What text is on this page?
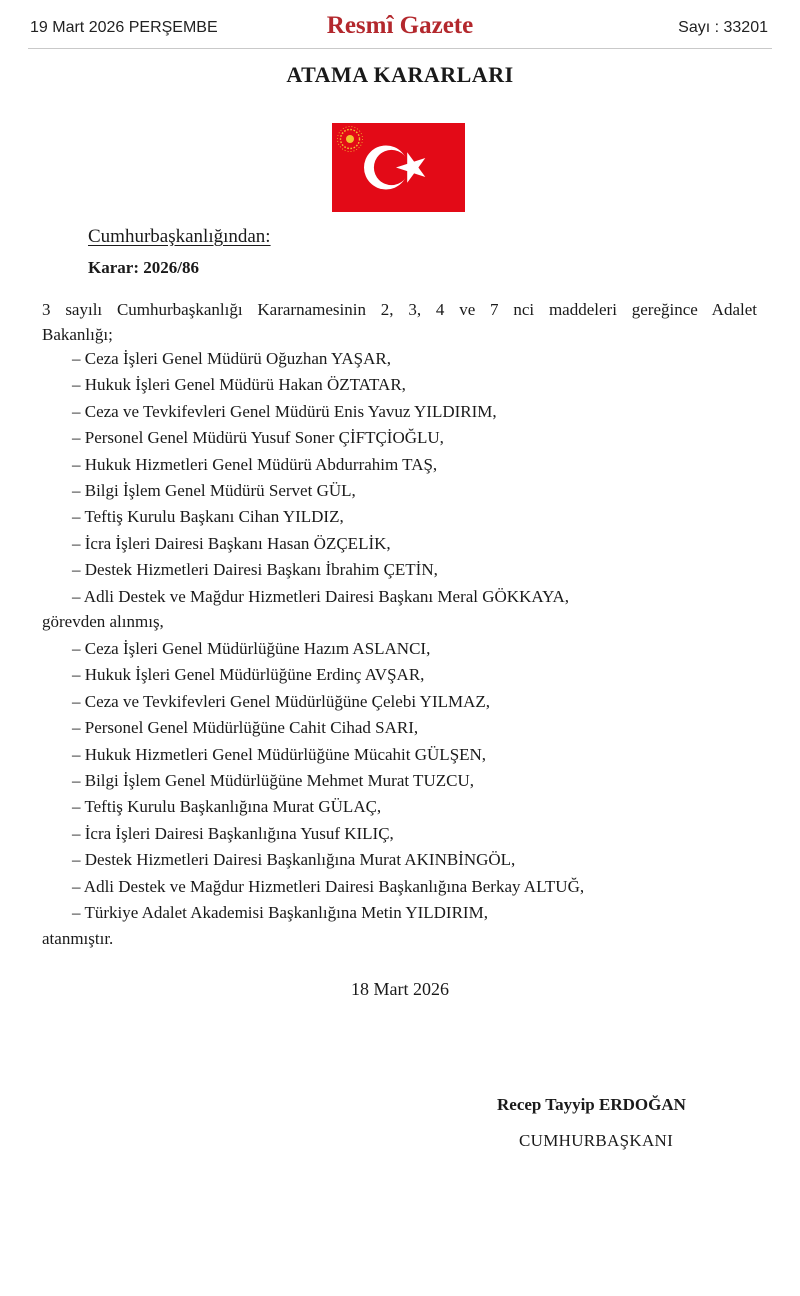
19 Mart 2026 PERŞEMBE	Resmî Gazete	Sayı : 33201
ATAMA KARARLARI
Cumhurbaşkanlığından:
Karar: 2026/86
3 sayılı Cumhurbaşkanlığı Kararnamesinin 2, 3, 4 ve 7 nci maddeleri gereğince Adalet
Bakanlığı;
– Ceza İşleri Genel Müdürü Oğuzhan YAŞAR,
– Hukuk İşleri Genel Müdürü Hakan ÖZTATAR,
– Ceza ve Tevkifevleri Genel Müdürü Enis Yavuz YILDIRIM,
– Personel Genel Müdürü Yusuf Soner ÇİFTÇİOĞLU,
– Hukuk Hizmetleri Genel Müdürü Abdurrahim TAŞ,
– Bilgi İşlem Genel Müdürü Servet GÜL,
– Teftiş Kurulu Başkanı Cihan YILDIZ,
– İcra İşleri Dairesi Başkanı Hasan ÖZÇELİK,
– Destek Hizmetleri Dairesi Başkanı İbrahim ÇETİN,
– Adli Destek ve Mağdur Hizmetleri Dairesi Başkanı Meral GÖKKAYA,
görevden alınmış,
– Ceza İşleri Genel Müdürlüğüne Hazım ASLANCI,
– Hukuk İşleri Genel Müdürlüğüne Erdinç AVŞAR,
– Ceza ve Tevkifevleri Genel Müdürlüğüne Çelebi YILMAZ,
– Personel Genel Müdürlüğüne Cahit Cihad SARI,
– Hukuk Hizmetleri Genel Müdürlüğüne Mücahit GÜLŞEN,
– Bilgi İşlem Genel Müdürlüğüne Mehmet Murat TUZCU,
– Teftiş Kurulu Başkanlığına Murat GÜLAÇ,
– İcra İşleri Dairesi Başkanlığına Yusuf KILIÇ,
– Destek Hizmetleri Dairesi Başkanlığına Murat AKINBİNGÖL,
– Adli Destek ve Mağdur Hizmetleri Dairesi Başkanlığına Berkay ALTUĞ,
– Türkiye Adalet Akademisi Başkanlığına Metin YILDIRIM,
atanmıştır.
18 Mart 2026
Recep Tayyip ERDOĞAN
CUMHURBAŞKANI
